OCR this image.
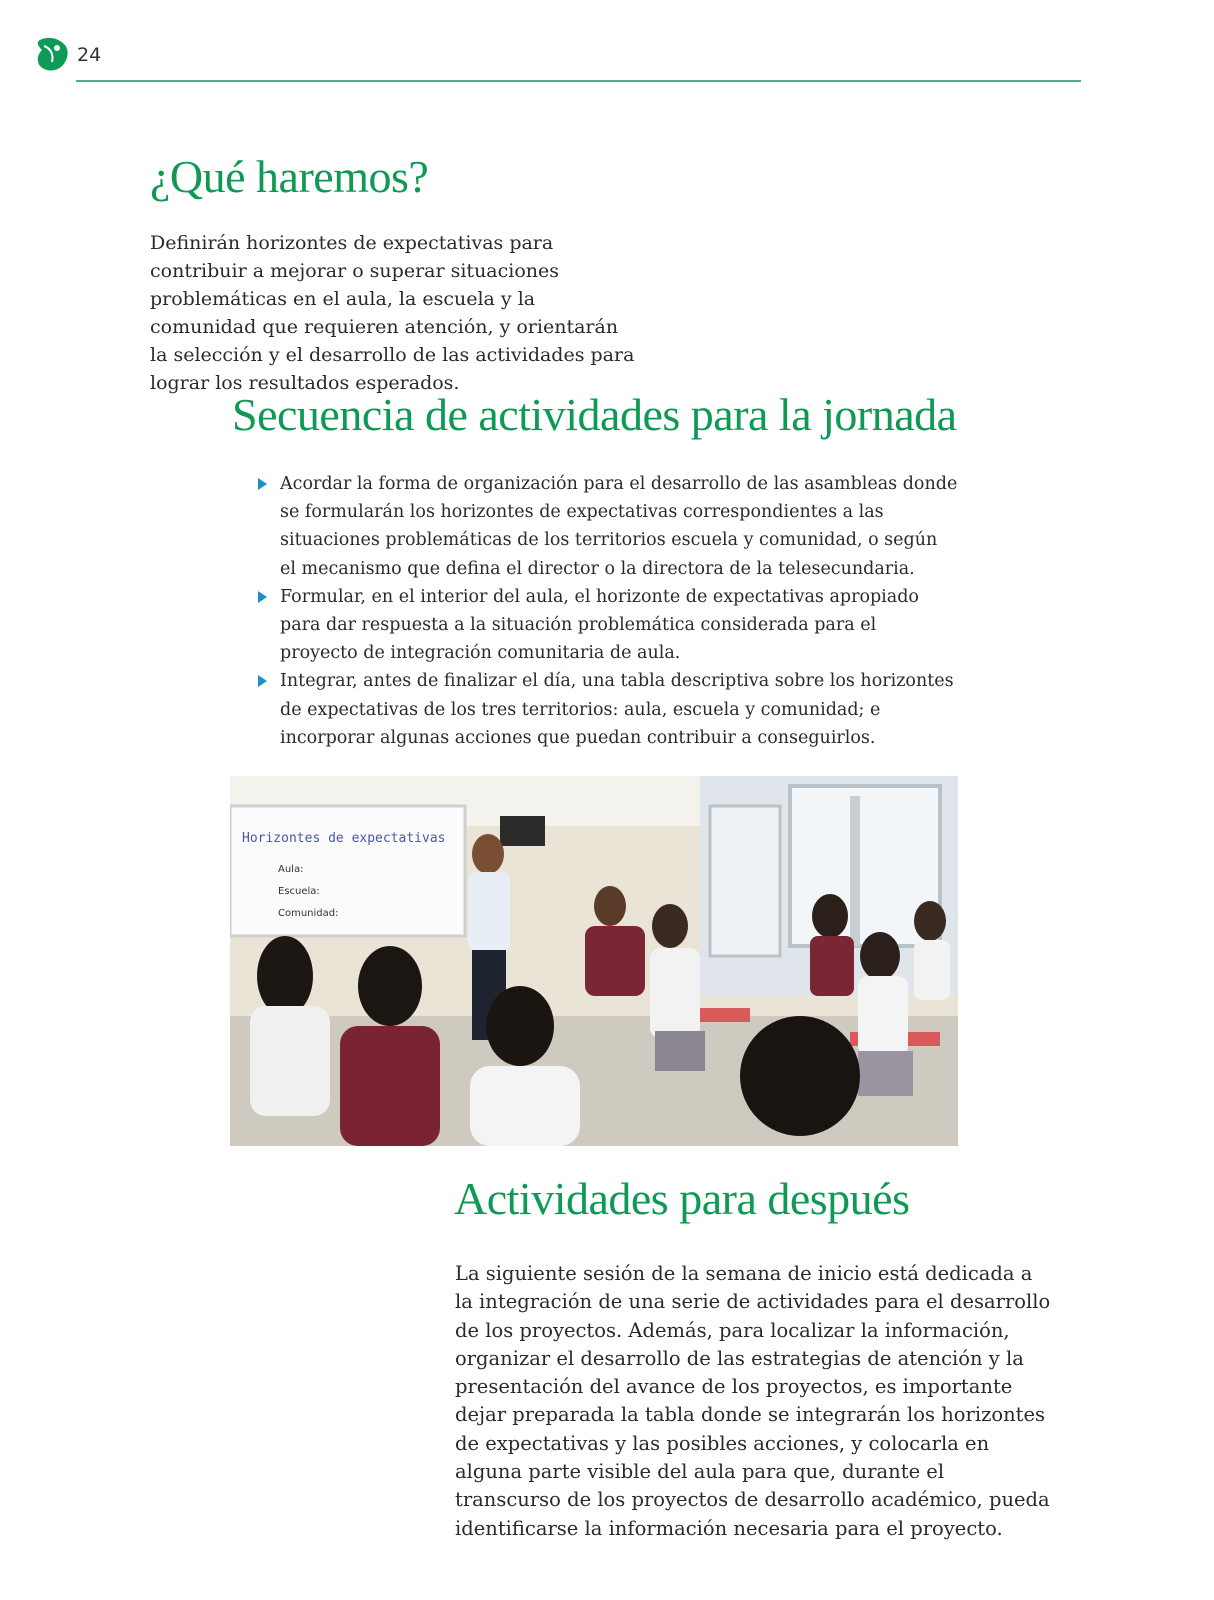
24
¿Qué haremos?

Definirán horizontes de expectativas para contribuir a mejorar o superar situaciones problemáticas en el aula, la escuela y la comunidad que requieren atención, y orientarán la selección y el desarrollo de las actividades para lograr los resultados esperados.

Secuencia de actividades para la jornada
Acordar la forma de organización para el desarrollo de las asambleas donde se formularán los horizontes de expectativas correspondientes a las situaciones problemáticas de los territorios escuela y comunidad, o según el mecanismo que defina el director o la directora de la telesecundaria.
Formular, en el interior del aula, el horizonte de expectativas apropiado para dar respuesta a la situación problemática considerada para el proyecto de integración comunitaria de aula.
Integrar, antes de finalizar el día, una tabla descriptiva sobre los horizontes de expectativas de los tres territorios: aula, escuela y comunidad; e incorporar algunas acciones que puedan contribuir a conseguirlos.
Horizontes de expectativas
Aula:
Escuela:
Comunidad:
Actividades para después

La siguiente sesión de la semana de inicio está dedicada a la integración de una serie de actividades para el desarrollo de los proyectos. Además, para localizar la información, organizar el desarrollo de las estrategias de atención y la presentación del avance de los proyectos, es importante dejar preparada la tabla donde se integrarán los horizontes de expectativas y las posibles acciones, y colocarla en alguna parte visible del aula para que, durante el transcurso de los proyectos de desarrollo académico, pueda identificarse la información necesaria para el proyecto.
